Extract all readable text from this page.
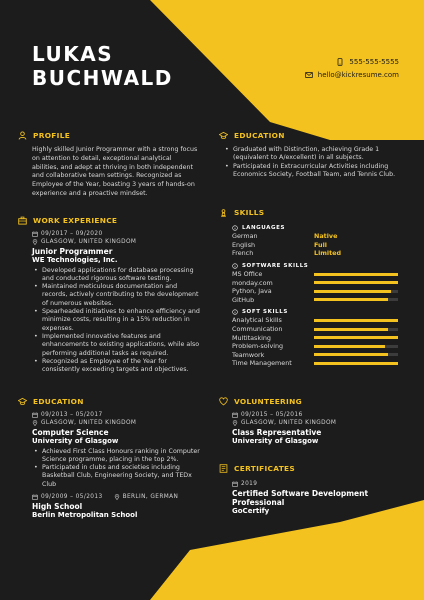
LUKAS
BUCHWALD
555-555-5555
hello@kickresume.com
PROFILE
Highly skilled Junior Programmer with a strong focus on attention to detail, exceptional analytical abilities, and adept at thriving in both independent and collaborative team settings. Recognized as Employee of the Year, boasting 3 years of hands-on experience and a proactive mindset.
WORK EXPERIENCE
09/2017 – 09/2020
GLASGOW, UNITED KINGDOM
Junior Programmer
WE Technologies, Inc.
• Developed applications for database processing and conducted rigorous software testing.
• Maintained meticulous documentation and records, actively contributing to the development of numerous websites.
• Spearheaded initiatives to enhance efficiency and minimize costs, resulting in a 15% reduction in expenses.
• Implemented innovative features and enhancements to existing applications, while also performing additional tasks as required.
• Recognized as Employee of the Year for consistently exceeding targets and objectives.
EDUCATION
09/2013 – 05/2017
GLASGOW, UNITED KINGDOM
Computer Science
University of Glasgow
• Achieved First Class Honours ranking in Computer Science programme, placing in the top 2%.
• Participated in clubs and societies including Basketball Club, Engineering Society, and TEDx Club
09/2009 – 05/2013	BERLIN, GERMAN
High School
Berlin Metropolitan School
EDUCATION
• Graduated with Distinction, achieving Grade 1 (equivalent to A/excellent) in all subjects.
• Participated in Extracurricular Activities including Economics Society, Football Team, and Tennis Club.
SKILLS
LANGUAGES
German	Native
English	Full
French	Limited
SOFTWARE SKILLS
MS Office
monday.com
Python, Java
GitHub
SOFT SKILLS
Analytical Skills
Communication
Multitasking
Problem-solving
Teamwork
Time Management
VOLUNTEERING
09/2015 – 05/2016
GLASGOW, UNITED KINGDOM
Class Representative
University of Glasgow
CERTIFICATES
2019
Certified Software Development Professional
GoCertify
